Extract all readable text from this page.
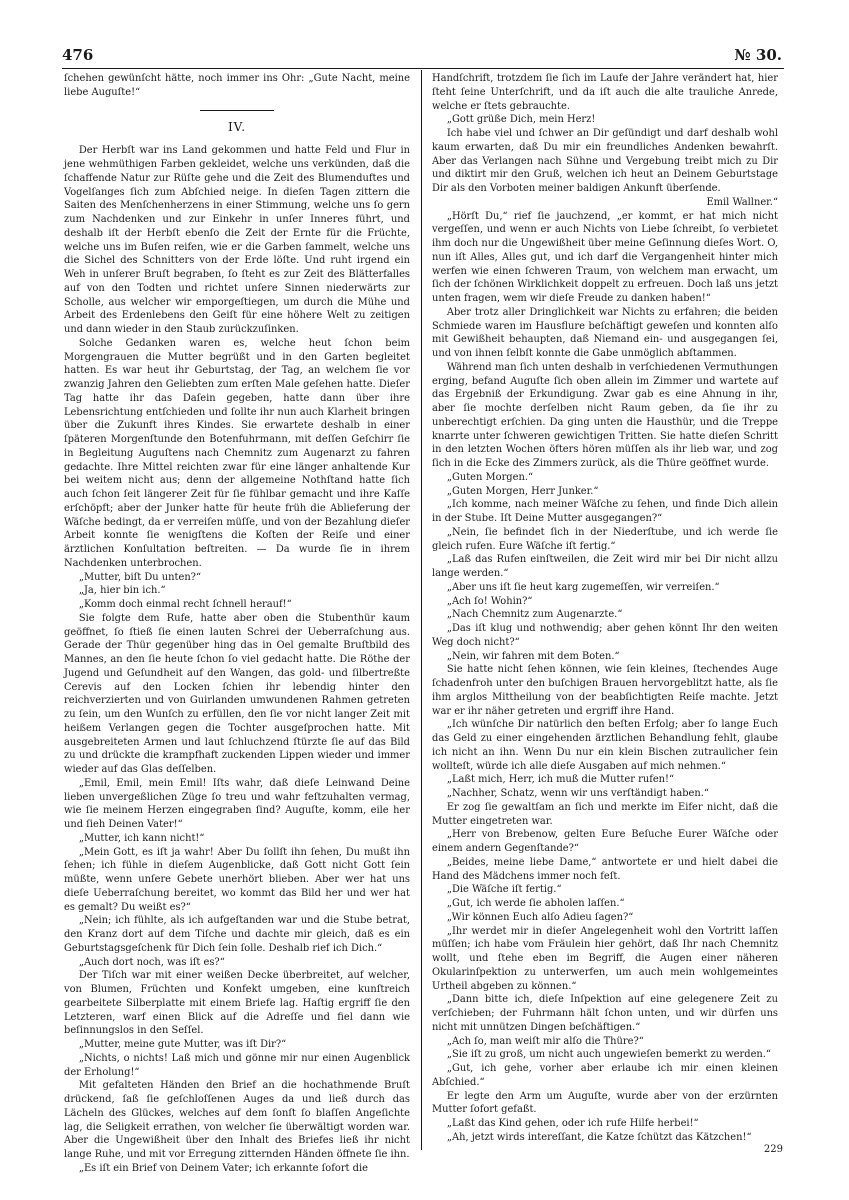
476	№ 30.

ſchehen gewünſcht hätte, noch immer ins Ohr: „Gute Nacht, meine liebe Auguſte!“

IV.

Der Herbſt war ins Land gekommen und hatte Feld und Flur in jene wehmüthigen Farben gekleidet, welche uns verkünden, daß die ſchaffende Natur zur Rüſte gehe und die Zeit des Blumenduftes und Vogelſanges ſich zum Abſchied neige. In dieſen Tagen zittern die Saiten des Menſchenherzens in einer Stimmung, welche uns ſo gern zum Nachdenken und zur Einkehr in unſer Inneres führt, und deshalb iſt der Herbſt ebenſo die Zeit der Ernte für die Früchte, welche uns im Buſen reifen, wie er die Garben ſammelt, welche uns die Sichel des Schnitters von der Erde löſte. Und ruht irgend ein Weh in unſerer Bruſt begraben, ſo ſteht es zur Zeit des Blätterfalles auf von den Todten und richtet unſere Sinnen niederwärts zur Scholle, aus welcher wir emporgeſtiegen, um durch die Mühe und Arbeit des Erdenlebens den Geiſt für eine höhere Welt zu zeitigen und dann wieder in den Staub zurückzuſinken.

Solche Gedanken waren es, welche heut ſchon beim Morgengrauen die Mutter begrüßt und in den Garten begleitet hatten. Es war heut ihr Geburtstag, der Tag, an welchem ſie vor zwanzig Jahren den Geliebten zum erſten Male geſehen hatte. Dieſer Tag hatte ihr das Daſein gegeben, hatte dann über ihre Lebensrichtung entſchieden und ſollte ihr nun auch Klarheit bringen über die Zukunft ihres Kindes. Sie erwartete deshalb in einer ſpäteren Morgenſtunde den Botenfuhrmann, mit deſſen Geſchirr ſie in Begleitung Auguſtens nach Chemnitz zum Augenarzt zu fahren gedachte. Ihre Mittel reichten zwar für eine länger anhaltende Kur bei weitem nicht aus; denn der allgemeine Nothſtand hatte ſich auch ſchon ſeit längerer Zeit für ſie fühlbar gemacht und ihre Kaſſe erſchöpft; aber der Junker hatte für heute früh die Ablieferung der Wäſche bedingt, da er verreiſen müſſe, und von der Bezahlung dieſer Arbeit konnte ſie wenigſtens die Koſten der Reiſe und einer ärztlichen Konſultation beſtreiten. — Da wurde ſie in ihrem Nachdenken unterbrochen.

„Mutter, biſt Du unten?“

„Ja, hier bin ich.“

„Komm doch einmal recht ſchnell herauf!“

Sie folgte dem Rufe, hatte aber oben die Stubenthür kaum geöffnet, ſo ſtieß ſie einen lauten Schrei der Ueberraſchung aus. Gerade der Thür gegenüber hing das in Oel gemalte Bruſtbild des Mannes, an den ſie heute ſchon ſo viel gedacht hatte. Die Röthe der Jugend und Geſundheit auf den Wangen, das gold- und ſilbertreßte Cerevis auf den Locken ſchien ihr lebendig hinter den reichverzierten und von Guirlanden umwundenen Rahmen getreten zu ſein, um den Wunſch zu erfüllen, den ſie vor nicht langer Zeit mit heißem Verlangen gegen die Tochter ausgeſprochen hatte. Mit ausgebreiteten Armen und laut ſchluchzend ſtürzte ſie auf das Bild zu und drückte die krampfhaft zuckenden Lippen wieder und immer wieder auf das Glas deſſelben.

„Emil, Emil, mein Emil! Iſts wahr, daß dieſe Leinwand Deine lieben unvergeßlichen Züge ſo treu und wahr feſtzuhalten vermag, wie ſie meinem Herzen eingegraben ſind? Auguſte, komm, eile her und ſieh Deinen Vater!“

„Mutter, ich kann nicht!“

„Mein Gott, es iſt ja wahr! Aber Du ſollſt ihn ſehen, Du mußt ihn ſehen; ich fühle in dieſem Augenblicke, daß Gott nicht Gott ſein müßte, wenn unſere Gebete unerhört blieben. Aber wer hat uns dieſe Ueberraſchung bereitet, wo kommt das Bild her und wer hat es gemalt? Du weißt es?“

„Nein; ich fühlte, als ich aufgeſtanden war und die Stube betrat, den Kranz dort auf dem Tiſche und dachte mir gleich, daß es ein Geburtstagsgeſchenk für Dich ſein ſolle. Deshalb rief ich Dich.“

„Auch dort noch, was iſt es?“

Der Tiſch war mit einer weißen Decke überbreitet, auf welcher, von Blumen, Früchten und Konfekt umgeben, eine kunſtreich gearbeitete Silberplatte mit einem Briefe lag. Haſtig ergriff ſie den Letzteren, warf einen Blick auf die Adreſſe und fiel dann wie beſinnungslos in den Seſſel.

„Mutter, meine gute Mutter, was iſt Dir?“

„Nichts, o nichts! Laß mich und gönne mir nur einen Augenblick der Erholung!“

Mit gefalteten Händen den Brief an die hochathmende Bruſt drückend, ſaß ſie geſchloſſenen Auges da und ließ durch das Lächeln des Glückes, welches auf dem ſonſt ſo blaſſen Angeſichte lag, die Seligkeit errathen, von welcher ſie überwältigt worden war. Aber die Ungewißheit über den Inhalt des Briefes ließ ihr nicht lange Ruhe, und mit vor Erregung zitternden Händen öffnete ſie ihn.

„Es iſt ein Brief von Deinem Vater; ich erkannte ſofort die

Handſchrift, trotzdem ſie ſich im Laufe der Jahre verändert hat, hier ſteht ſeine Unterſchrift, und da iſt auch die alte trauliche Anrede, welche er ſtets gebrauchte.

„Gott grüße Dich, mein Herz!

Ich habe viel und ſchwer an Dir geſündigt und darf deshalb wohl kaum erwarten, daß Du mir ein freundliches Andenken bewahrſt. Aber das Verlangen nach Sühne und Vergebung treibt mich zu Dir und diktirt mir den Gruß, welchen ich heut an Deinem Geburtstage Dir als den Vorboten meiner baldigen Ankunft überſende.

Emil Wallner.“

„Hörſt Du,“ rief ſie jauchzend, „er kommt, er hat mich nicht vergeſſen, und wenn er auch Nichts von Liebe ſchreibt, ſo verbietet ihm doch nur die Ungewißheit über meine Geſinnung dieſes Wort. O, nun iſt Alles, Alles gut, und ich darf die Vergangenheit hinter mich werfen wie einen ſchweren Traum, von welchem man erwacht, um ſich der ſchönen Wirklichkeit doppelt zu erfreuen. Doch laß uns jetzt unten fragen, wem wir dieſe Freude zu danken haben!“

Aber trotz aller Dringlichkeit war Nichts zu erfahren; die beiden Schmiede waren im Hausflure beſchäftigt geweſen und konnten alſo mit Gewißheit behaupten, daß Niemand ein- und ausgegangen ſei, und von ihnen ſelbſt konnte die Gabe unmöglich abſtammen.

Während man ſich unten deshalb in verſchiedenen Vermuthungen erging, befand Auguſte ſich oben allein im Zimmer und wartete auf das Ergebniß der Erkundigung. Zwar gab es eine Ahnung in ihr, aber ſie mochte derſelben nicht Raum geben, da ſie ihr zu unberechtigt erſchien. Da ging unten die Hausthür, und die Treppe knarrte unter ſchweren gewichtigen Tritten. Sie hatte dieſen Schritt in den letzten Wochen öfters hören müſſen als ihr lieb war, und zog ſich in die Ecke des Zimmers zurück, als die Thüre geöffnet wurde.

„Guten Morgen.“

„Guten Morgen, Herr Junker.“

„Ich komme, nach meiner Wäſche zu ſehen, und finde Dich allein in der Stube. Iſt Deine Mutter ausgegangen?“

„Nein, ſie befindet ſich in der Niederſtube, und ich werde ſie gleich rufen. Eure Wäſche iſt fertig.“

„Laß das Rufen einſtweilen, die Zeit wird mir bei Dir nicht allzu lange werden.“

„Aber uns iſt ſie heut karg zugemeſſen, wir verreiſen.“

„Ach ſo! Wohin?“

„Nach Chemnitz zum Augenarzte.“

„Das iſt klug und nothwendig; aber gehen könnt Ihr den weiten Weg doch nicht?“

„Nein, wir fahren mit dem Boten.“

Sie hatte nicht ſehen können, wie ſein kleines, ſtechendes Auge ſchadenfroh unter den buſchigen Brauen hervorgeblitzt hatte, als ſie ihm arglos Mittheilung von der beabſichtigten Reiſe machte. Jetzt war er ihr näher getreten und ergriff ihre Hand.

„Ich wünſche Dir natürlich den beſten Erfolg; aber ſo lange Euch das Geld zu einer eingehenden ärztlichen Behandlung fehlt, glaube ich nicht an ihn. Wenn Du nur ein klein Bischen zutraulicher ſein wollteſt, würde ich alle dieſe Ausgaben auf mich nehmen.“

„Laßt mich, Herr, ich muß die Mutter rufen!“

„Nachher, Schatz, wenn wir uns verſtändigt haben.“

Er zog ſie gewaltſam an ſich und merkte im Eifer nicht, daß die Mutter eingetreten war.

„Herr von Brebenow, gelten Eure Beſuche Eurer Wäſche oder einem andern Gegenſtande?“

„Beides, meine liebe Dame,“ antwortete er und hielt dabei die Hand des Mädchens immer noch feſt.

„Die Wäſche iſt fertig.“

„Gut, ich werde ſie abholen laſſen.“

„Wir können Euch alſo Adieu ſagen?“

„Ihr werdet mir in dieſer Angelegenheit wohl den Vortritt laſſen müſſen; ich habe vom Fräulein hier gehört, daß Ihr nach Chemnitz wollt, und ſtehe eben im Begriff, die Augen einer näheren Okularinſpektion zu unterwerfen, um auch mein wohlgemeintes Urtheil abgeben zu können.“

„Dann bitte ich, dieſe Inſpektion auf eine gelegenere Zeit zu verſchieben; der Fuhrmann hält ſchon unten, und wir dürfen uns nicht mit unnützen Dingen beſchäftigen.“

„Ach ſo, man weiſt mir alſo die Thüre?“

„Sie iſt zu groß, um nicht auch ungewieſen bemerkt zu werden.“

„Gut, ich gehe, vorher aber erlaube ich mir einen kleinen Abſchied.“

Er legte den Arm um Auguſte, wurde aber von der erzürnten Mutter ſofort gefaßt.

„Laßt das Kind gehen, oder ich rufe Hilfe herbei!“

„Ah, jetzt wirds intereſſant, die Katze ſchützt das Kätzchen!“

229
